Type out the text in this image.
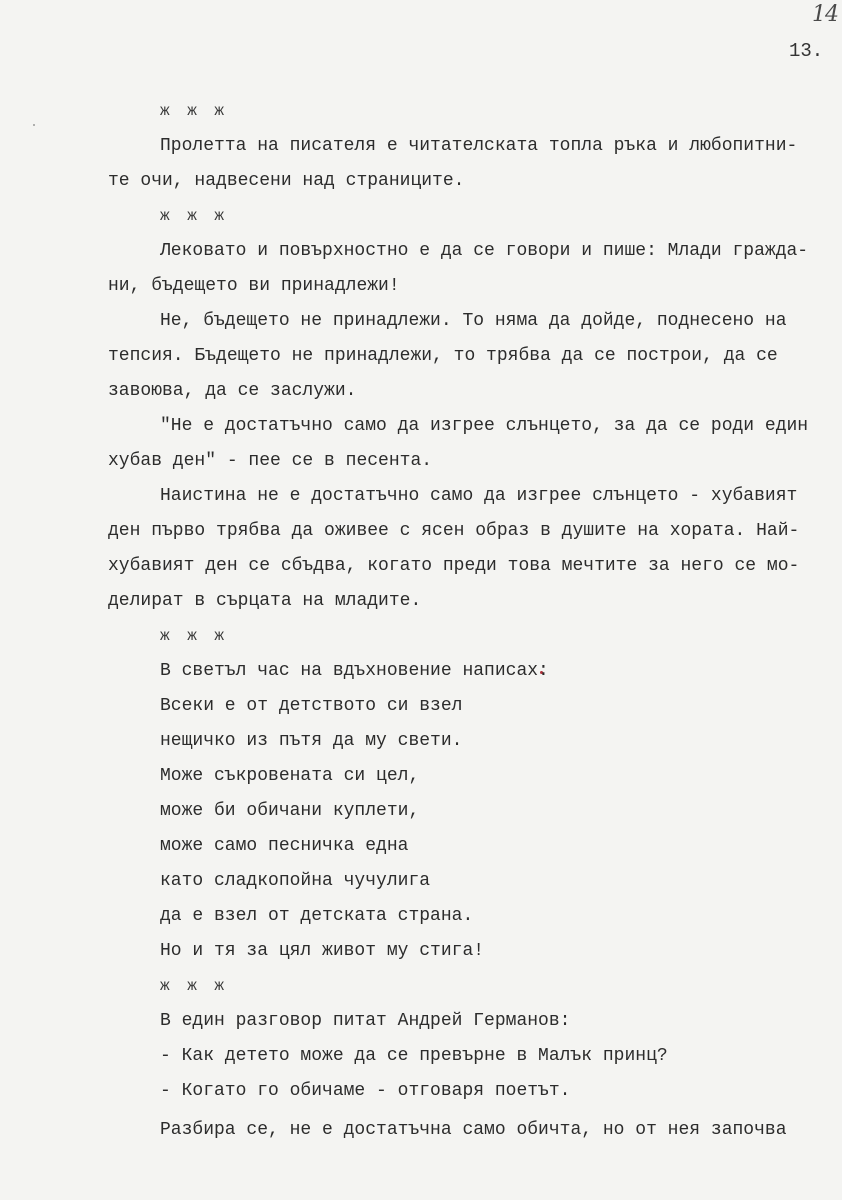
14
13.
ж ж ж
Пролетта на писателя е читателската топла ръка и любопитни-
те очи, надвесени над страниците.
ж ж ж
Лековато и повърхностно е да се говори и пише: Млади гражда-
ни, бъдещето ви принадлежи!
Не, бъдещето не принадлежи. То няма да дойде, поднесено на
тепсия. Бъдещето не принадлежи, то трябва да се построи, да се
завоюва, да се заслужи.
"Не е достатъчно само да изгрее слънцето, за да се роди един
хубав ден" - пее се в песента.
Наистина не е достатъчно само да изгрее слънцето - хубавият
ден първо трябва да оживее с ясен образ в душите на хората. Най-
хубавият ден се сбъдва, когато преди това мечтите за него се мо-
делират в сърцата на младите.
ж ж ж
В светъл час на вдъхновение написах:
Всеки е от детството си взел
нещичко из пътя да му свети.
Може съкровената си цел,
може би обичани куплети,
може само песничка една
като сладкопойна чучулига
да е взел от детската страна.
Но и тя за цял живот му стига!
ж ж ж
В един разговор питат Андрей Германов:
- Как детето може да се превърне в Малък принц?
- Когато го обичаме - отговаря поетът.
Разбира се, не е достатъчна само обичта, но от нея започва
